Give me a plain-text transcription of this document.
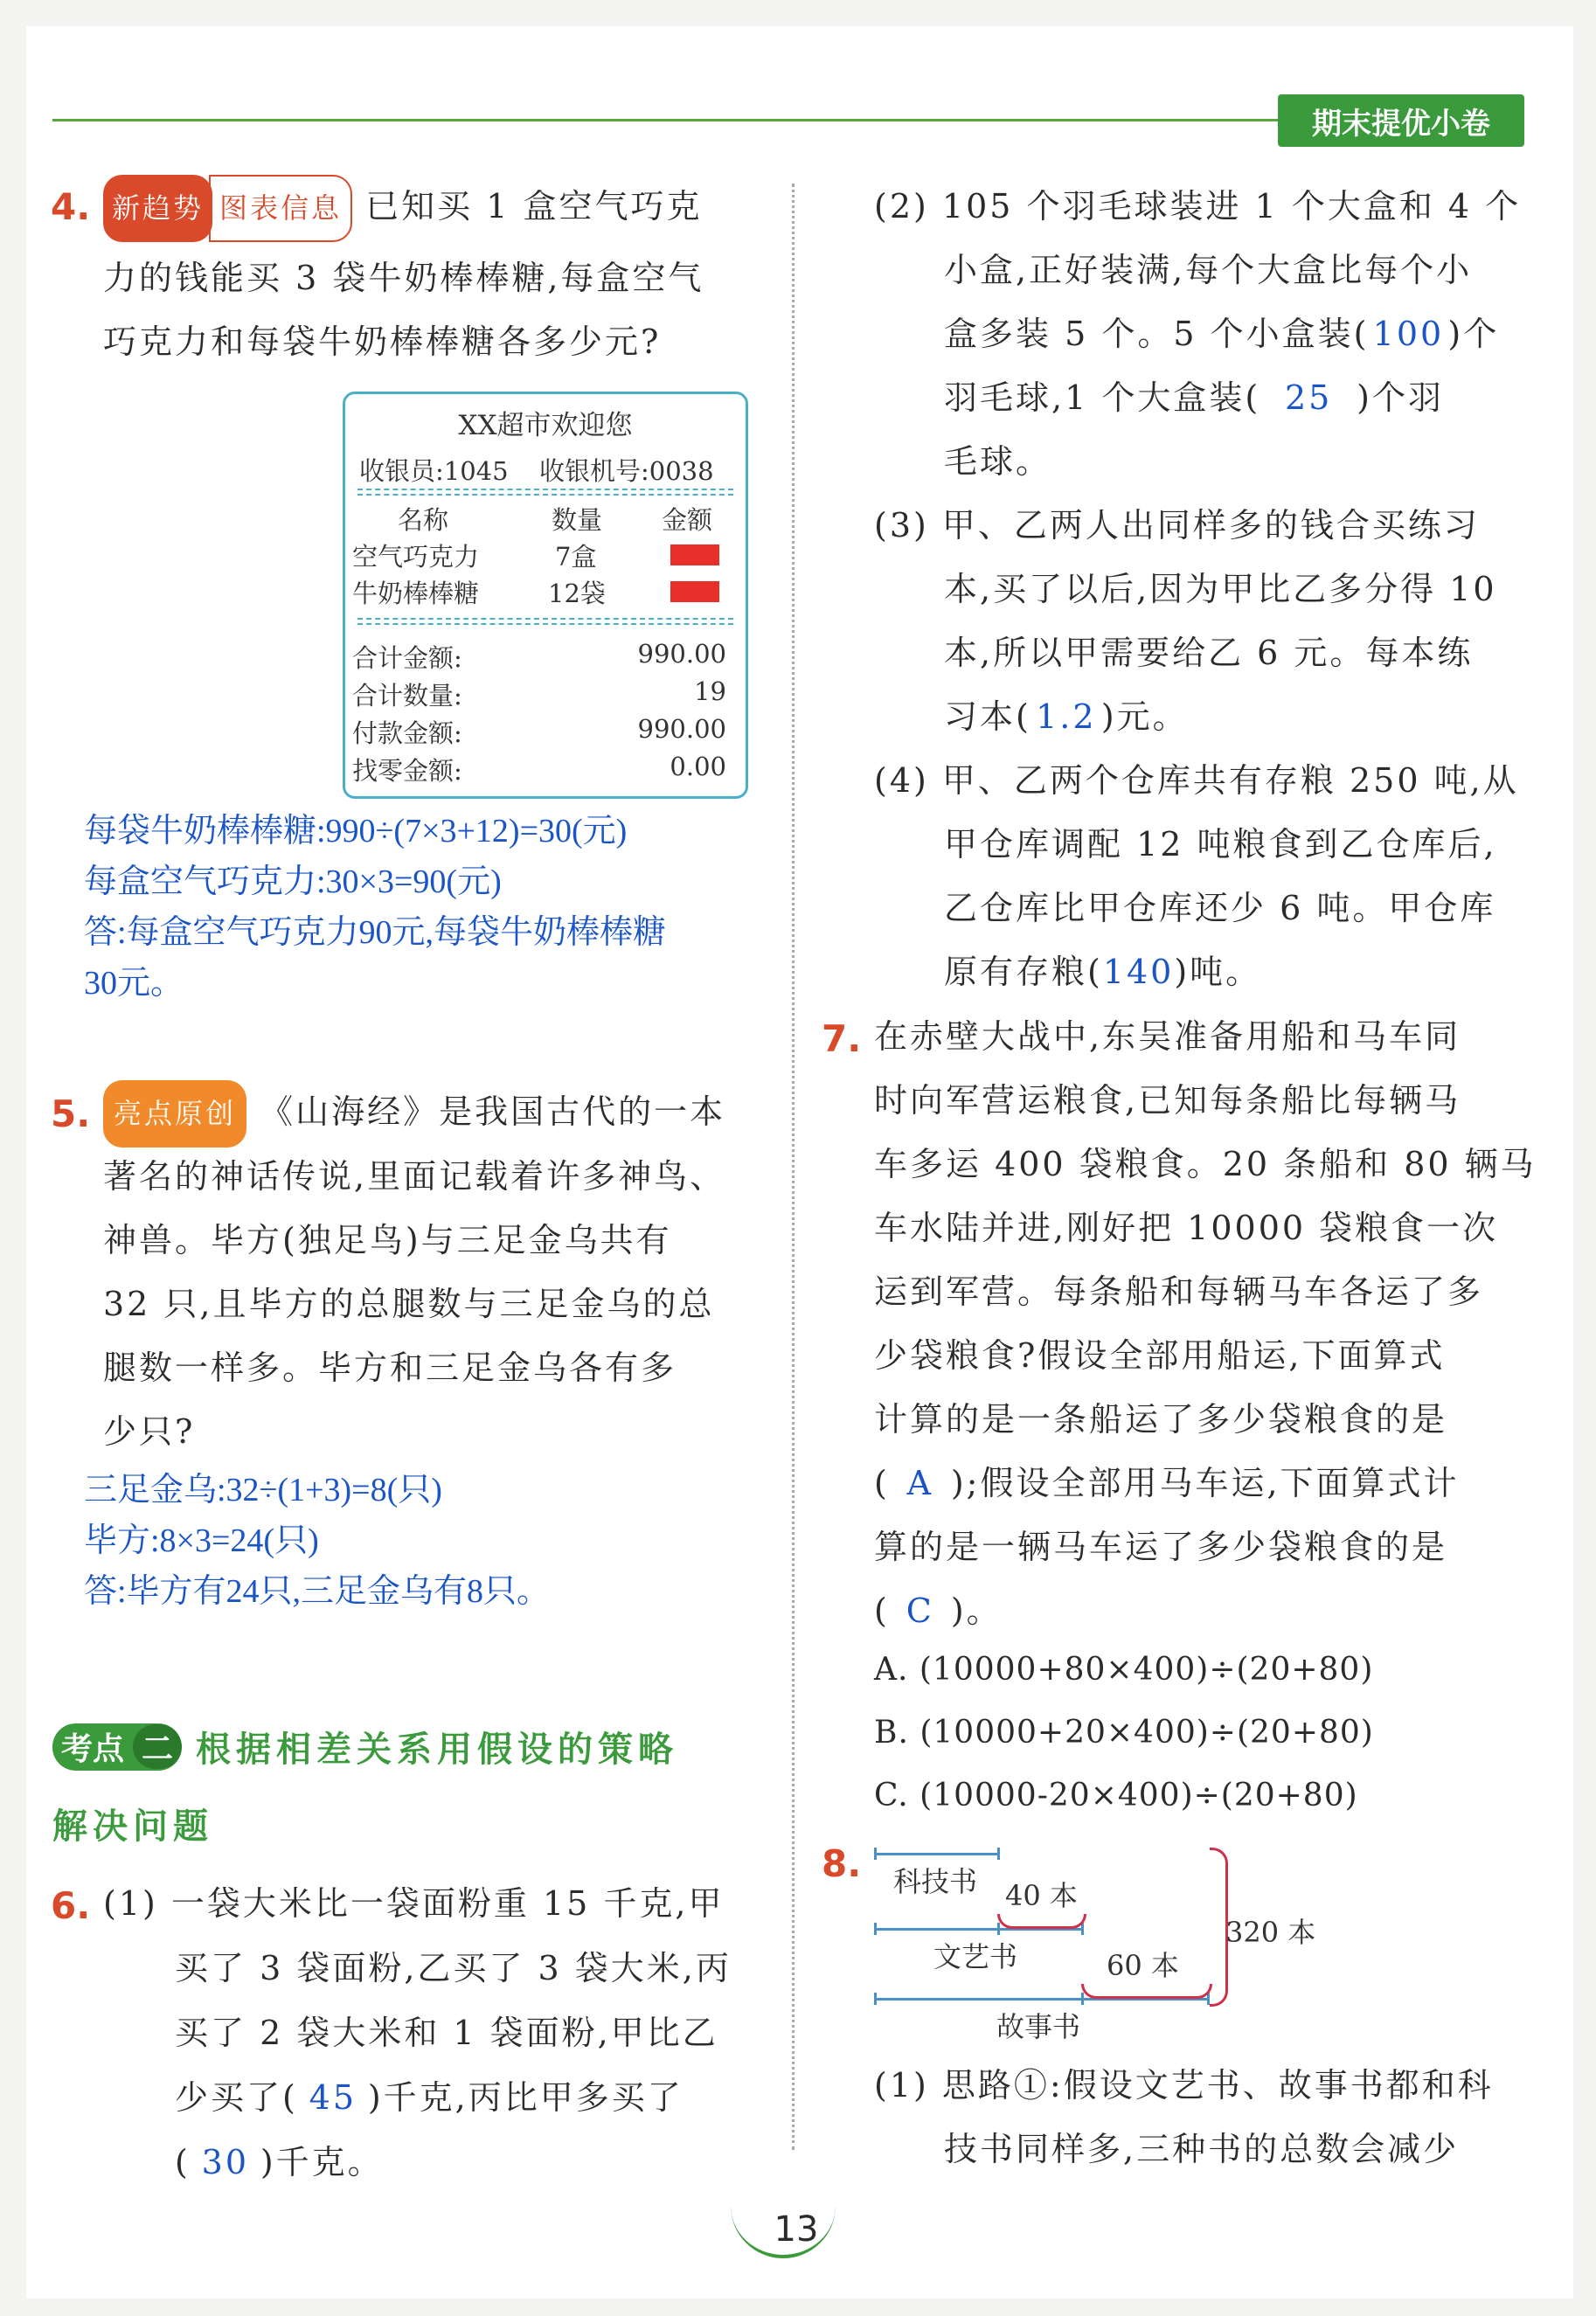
期末提优小卷
4. 新趋势 图表信息 已知买 1 盒空气巧克
力的钱能买 3 袋牛奶棒棒糖,每盒空气
巧克力和每袋牛奶棒棒糖各多少元?
XX超市欢迎您
收银员:1045 收银机号:0038
名称	数量 金额
空气巧克力	7盒
牛奶棒棒糖	12袋
合计金额:	990.00
合计数量:	19
付款金额:	990.00
找零金额:	0.00
每袋牛奶棒棒糖:990÷(7×3+12)=30(元)
每盒空气巧克力:30×3=90(元)
答:每盒空气巧克力90元,每袋牛奶棒棒糖
30元。
5. 亮点原创 《山海经》是我国古代的一本
著名的神话传说,里面记载着许多神鸟、
神兽。毕方(独足鸟)与三足金乌共有
32 只,且毕方的总腿数与三足金乌的总
腿数一样多。毕方和三足金乌各有多
少只?
三足金乌:32÷(1+3)=8(只)
毕方:8×3=24(只)
答:毕方有24只,三足金乌有8只。
考点 二 根据相差关系用假设的策略
解决问题
6. (1) 一袋大米比一袋面粉重 15 千克,甲
买了 3 袋面粉,乙买了 3 袋大米,丙
买了 2 袋大米和 1 袋面粉,甲比乙
少买了( 45 )千克,丙比甲多买了
( 30 )千克。
(2) 105 个羽毛球装进 1 个大盒和 4 个
小盒,正好装满,每个大盒比每个小
盒多装 5 个。5 个小盒装( 100 )个
羽毛球,1 个大盒装( 25 )个羽
毛球。
(3) 甲、乙两人出同样多的钱合买练习
本,买了以后,因为甲比乙多分得 10
本,所以甲需要给乙 6 元。每本练
习本( 1.2 )元。
(4) 甲、乙两个仓库共有存粮 250 吨,从
甲仓库调配 12 吨粮食到乙仓库后,
乙仓库比甲仓库还少 6 吨。甲仓库
原有存粮(140)吨。
7. 在赤壁大战中,东吴准备用船和马车同
时向军营运粮食,已知每条船比每辆马
车多运 400 袋粮食。20 条船和 80 辆马
车水陆并进,刚好把 10000 袋粮食一次
运到军营。每条船和每辆马车各运了多
少袋粮食?假设全部用船运,下面算式
计算的是一条船运了多少袋粮食的是
( A );假设全部用马车运,下面算式计
算的是一辆马车运了多少袋粮食的是
( C )。
A. (10000+80×400)÷(20+80)
B. (10000+20×400)÷(20+80)
C. (10000-20×400)÷(20+80)
8. 科技书 40 本
文艺书	60 本
故事书
320 本
(1) 思路①:假设文艺书、故事书都和科
技书同样多,三种书的总数会减少
13
